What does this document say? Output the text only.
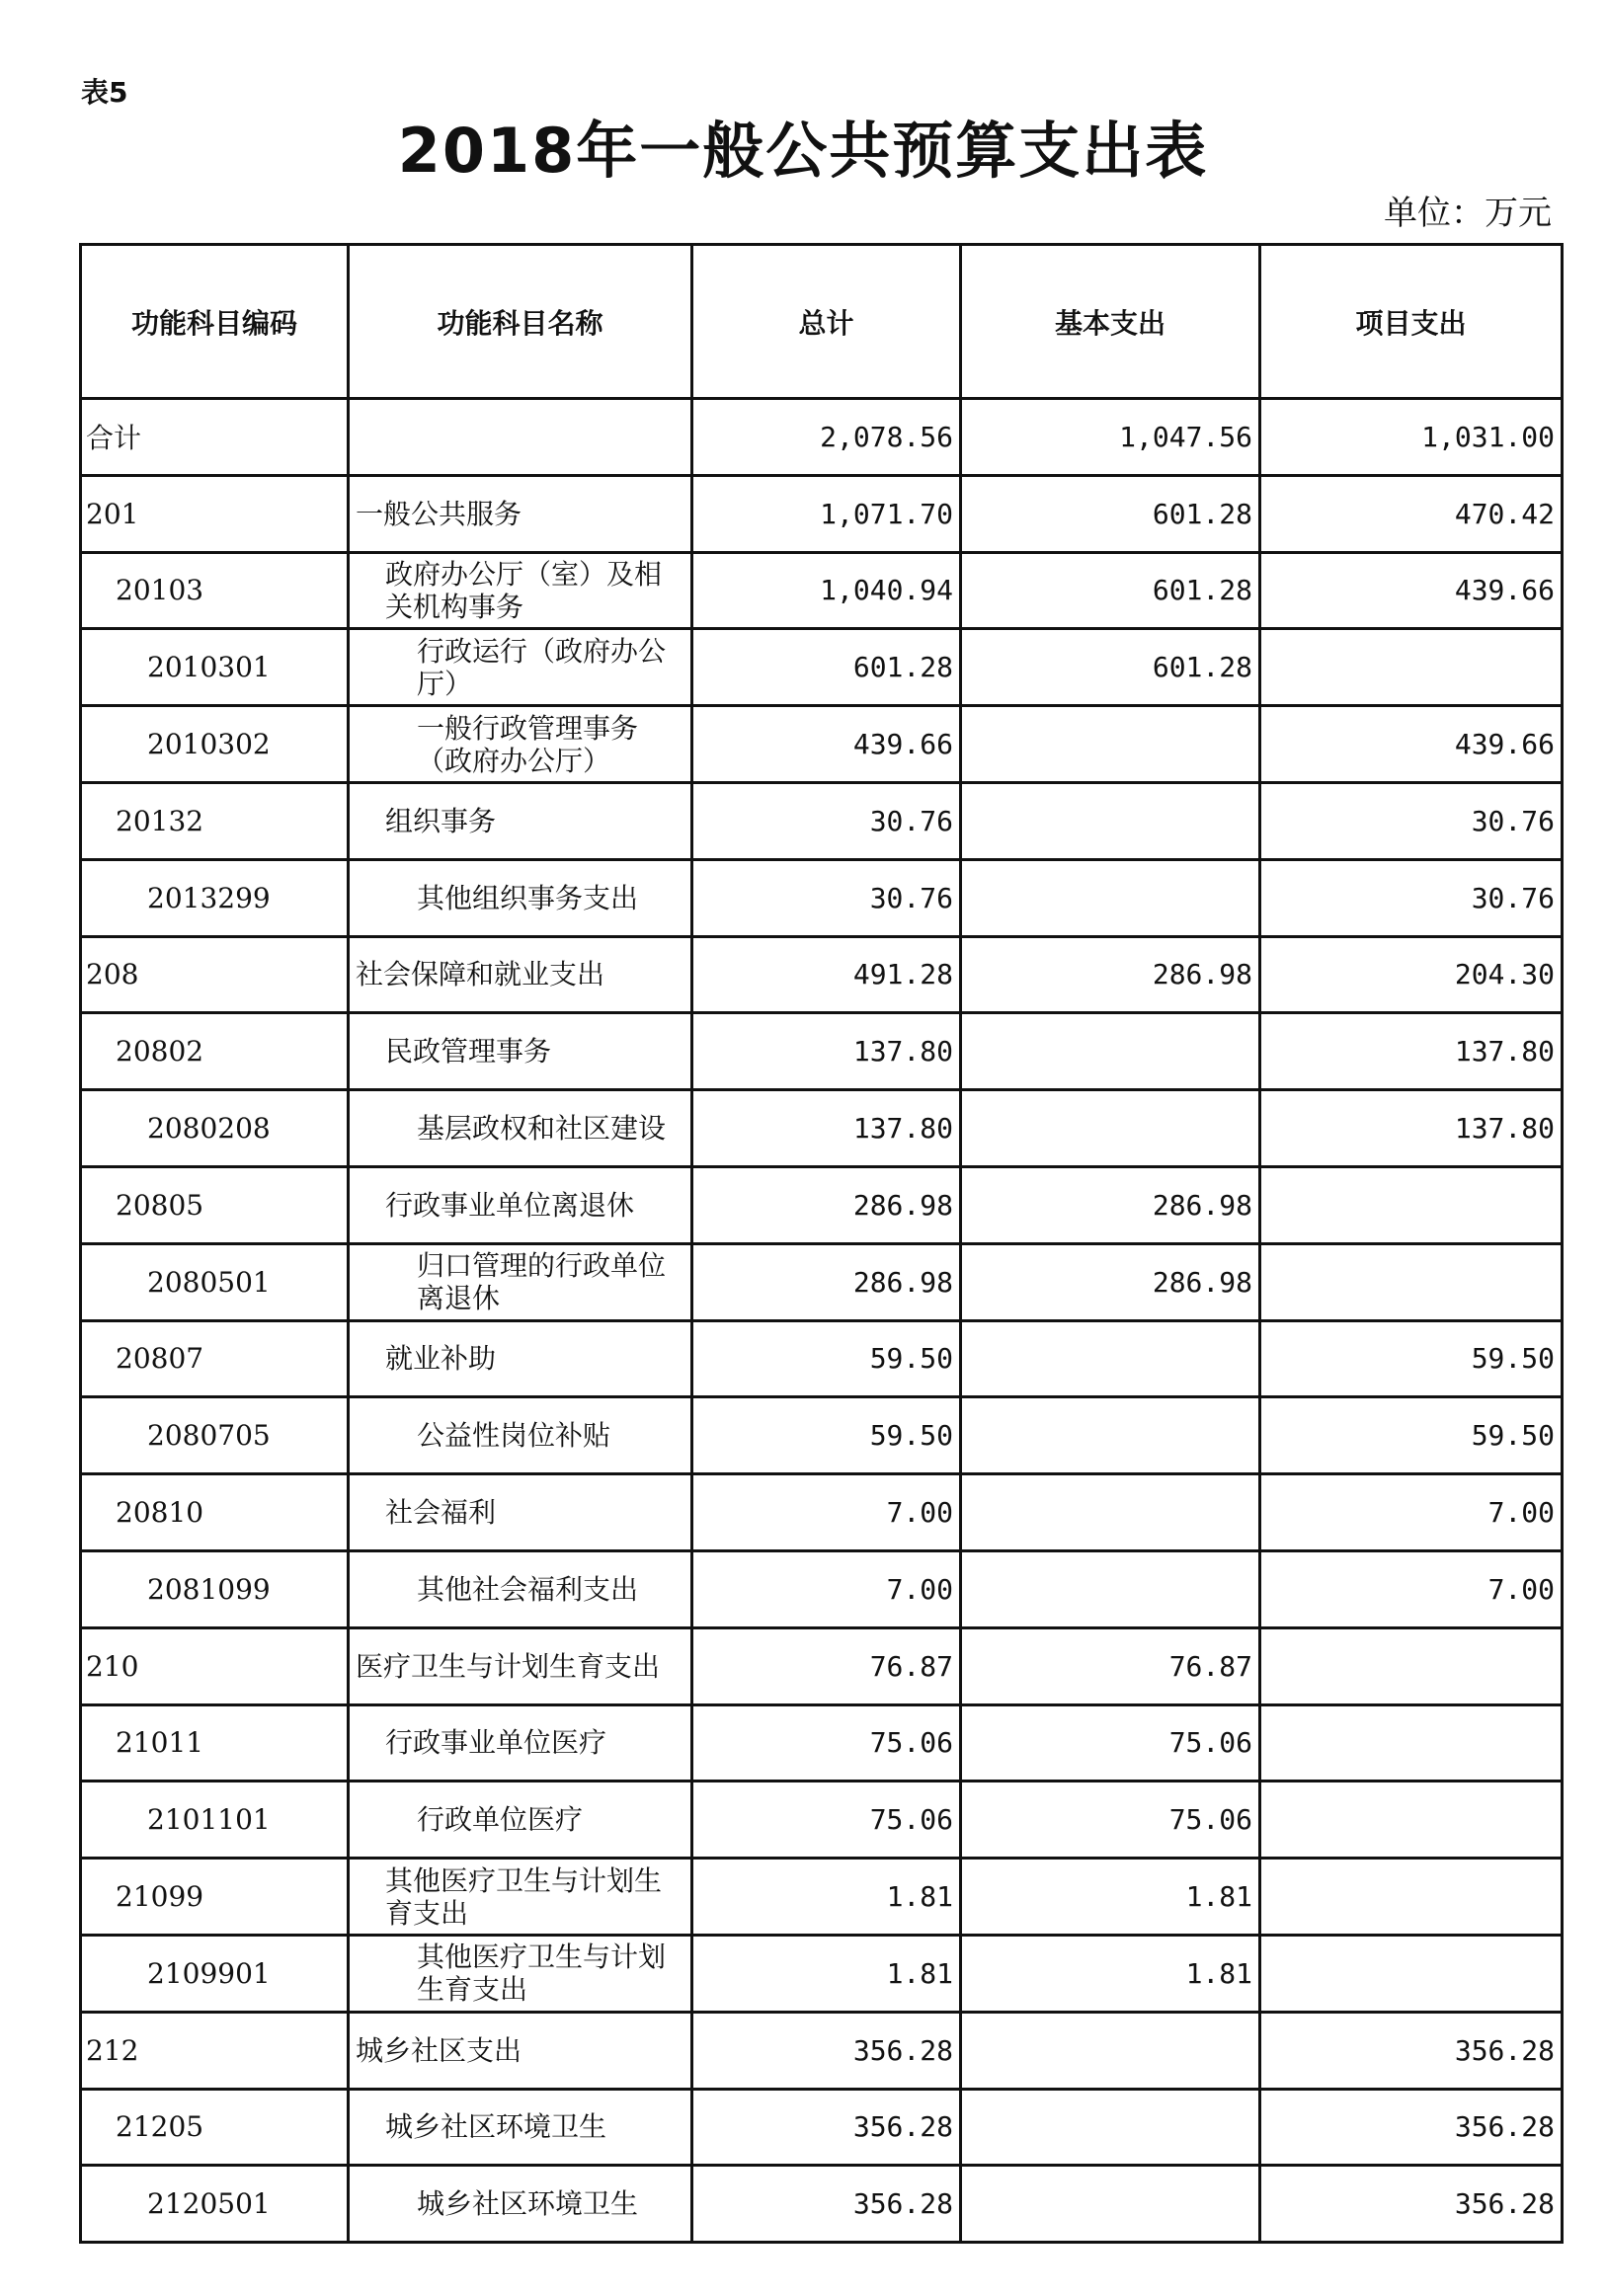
表5
2018年一般公共预算支出表
单位：万元
功能科目编码	功能科目名称	总计	基本支出	项目支出
合计		2,078.56	1,047.56	1,031.00
201	一般公共服务	1,071.70	601.28	470.42
20103	政府办公厅（室）及相关机构事务	1,040.94	601.28	439.66
2010301	行政运行（政府办公厅）	601.28	601.28	
2010302	一般行政管理事务（政府办公厅）	439.66		439.66
20132	组织事务	30.76		30.76
2013299	其他组织事务支出	30.76		30.76
208	社会保障和就业支出	491.28	286.98	204.30
20802	民政管理事务	137.80		137.80
2080208	基层政权和社区建设	137.80		137.80
20805	行政事业单位离退休	286.98	286.98	
2080501	归口管理的行政单位离退休	286.98	286.98	
20807	就业补助	59.50		59.50
2080705	公益性岗位补贴	59.50		59.50
20810	社会福利	7.00		7.00
2081099	其他社会福利支出	7.00		7.00
210	医疗卫生与计划生育支出	76.87	76.87	
21011	行政事业单位医疗	75.06	75.06	
2101101	行政单位医疗	75.06	75.06	
21099	其他医疗卫生与计划生育支出	1.81	1.81	
2109901	其他医疗卫生与计划生育支出	1.81	1.81	
212	城乡社区支出	356.28		356.28
21205	城乡社区环境卫生	356.28		356.28
2120501	城乡社区环境卫生	356.28		356.28
